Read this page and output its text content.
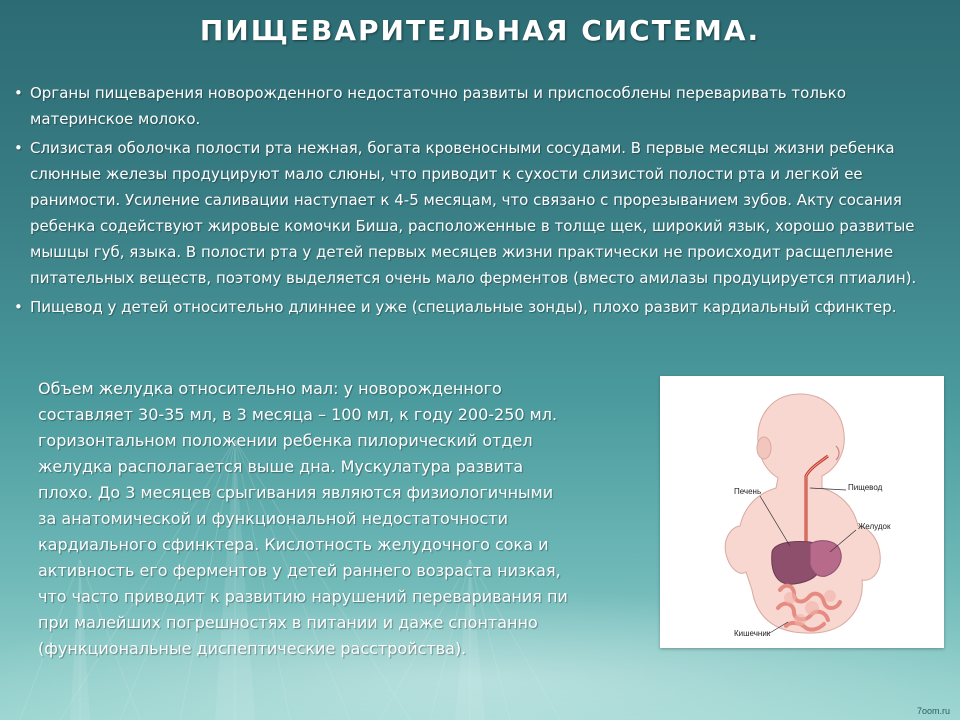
ПИЩЕВАРИТЕЛЬНАЯ СИСТЕМА.
• Органы пищеварения новорожденного недостаточно развиты и приспособлены переваривать только материнское молоко.
• Слизистая оболочка полости рта нежная, богата кровеносными сосудами. В первые месяцы жизни ребенка слюнные железы продуцируют мало слюны, что приводит к сухости слизистой полости рта и легкой ее ранимости. Усиление саливации наступает к 4-5 месяцам, что связано с прорезыванием зубов. Акту сосания ребенка содействуют жировые комочки Биша, расположенные в толще щек, широкий язык, хорошо развитые мышцы губ, языка. В полости рта у детей первых месяцев жизни практически не происходит расщепление питательных веществ, поэтому выделяется очень мало ферментов (вместо амилазы продуцируется птиалин).
• Пищевод у детей относительно длиннее и уже (специальные зонды), плохо развит кардиальный сфинктер.

Объем желудка относительно мал: у новорожденного
составляет 30-35 мл, в 3 месяца – 100 мл, к году 200-250 мл.
горизонтальном положении ребенка пилорический отдел
желудка располагается выше дна. Мускулатура развита
плохо. До 3 месяцев срыгивания являются физиологичными
за анатомической и функциональной недостаточности
кардиального сфинктера. Кислотность желудочного сока и
активность его ферментов у детей раннего возраста низкая,
что часто приводит к развитию нарушений переваривания пи
при малейших погрешностях в питании и даже спонтанно
(функциональные диспептические расстройства).

Печень	Пищевод
Желудок
Кишечник
7oom.ru
